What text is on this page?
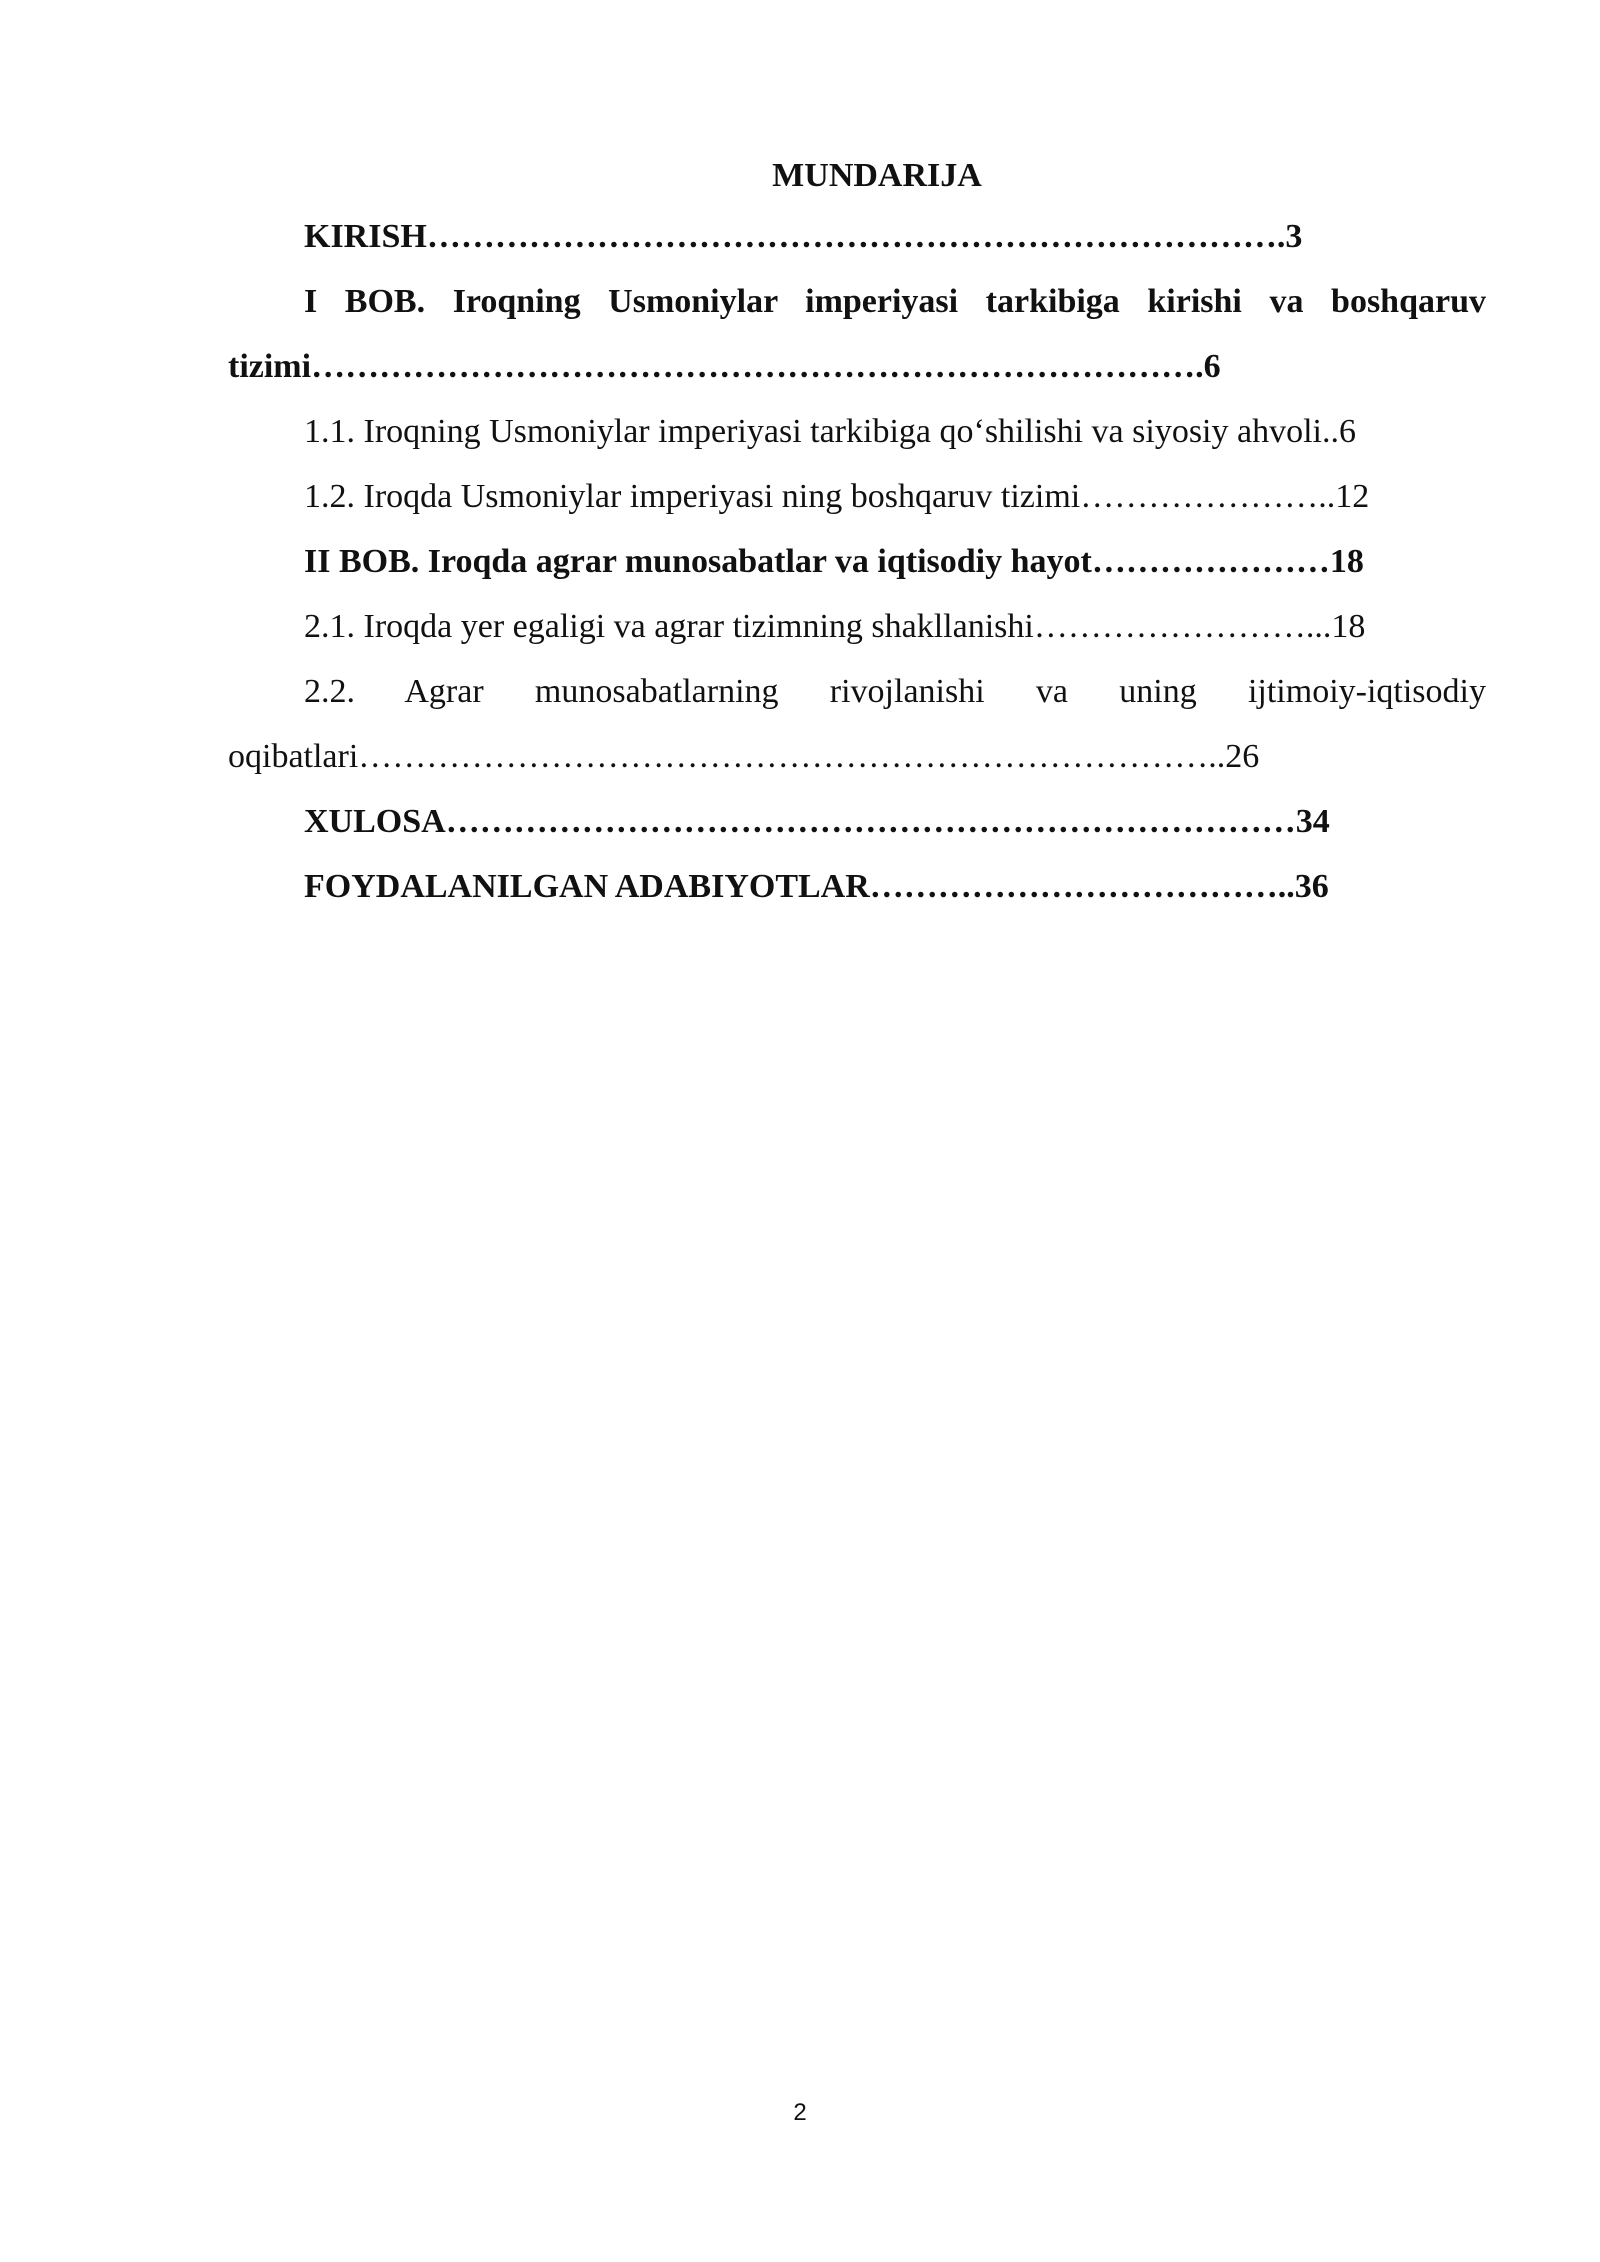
MUNDARIJA
KIRISH………………………………………………………………….3
I BOB. Iroqning Usmoniylar imperiyasi tarkibiga kirishi va boshqaruv
tizimi…………………………………………………………………….6
1.1. Iroqning Usmoniylar imperiyasi tarkibiga qo‘shilishi va siyosiy ahvoli..6
1.2. Iroqda Usmoniylar imperiyasi ning boshqaruv tizimi…………………..12
II BOB. Iroqda agrar munosabatlar va iqtisodiy hayot…………………18
2.1. Iroqda yer egaligi va agrar tizimning shakllanishi……………………...18
2.2. Agrar munosabatlarning rivojlanishi va uning ijtimoiy-iqtisodiy
oqibatlari…………………………………………………………………..26
XULOSA…………………………………………………………………34
FOYDALANILGAN ADABIYOTLAR………………………………..36
2
